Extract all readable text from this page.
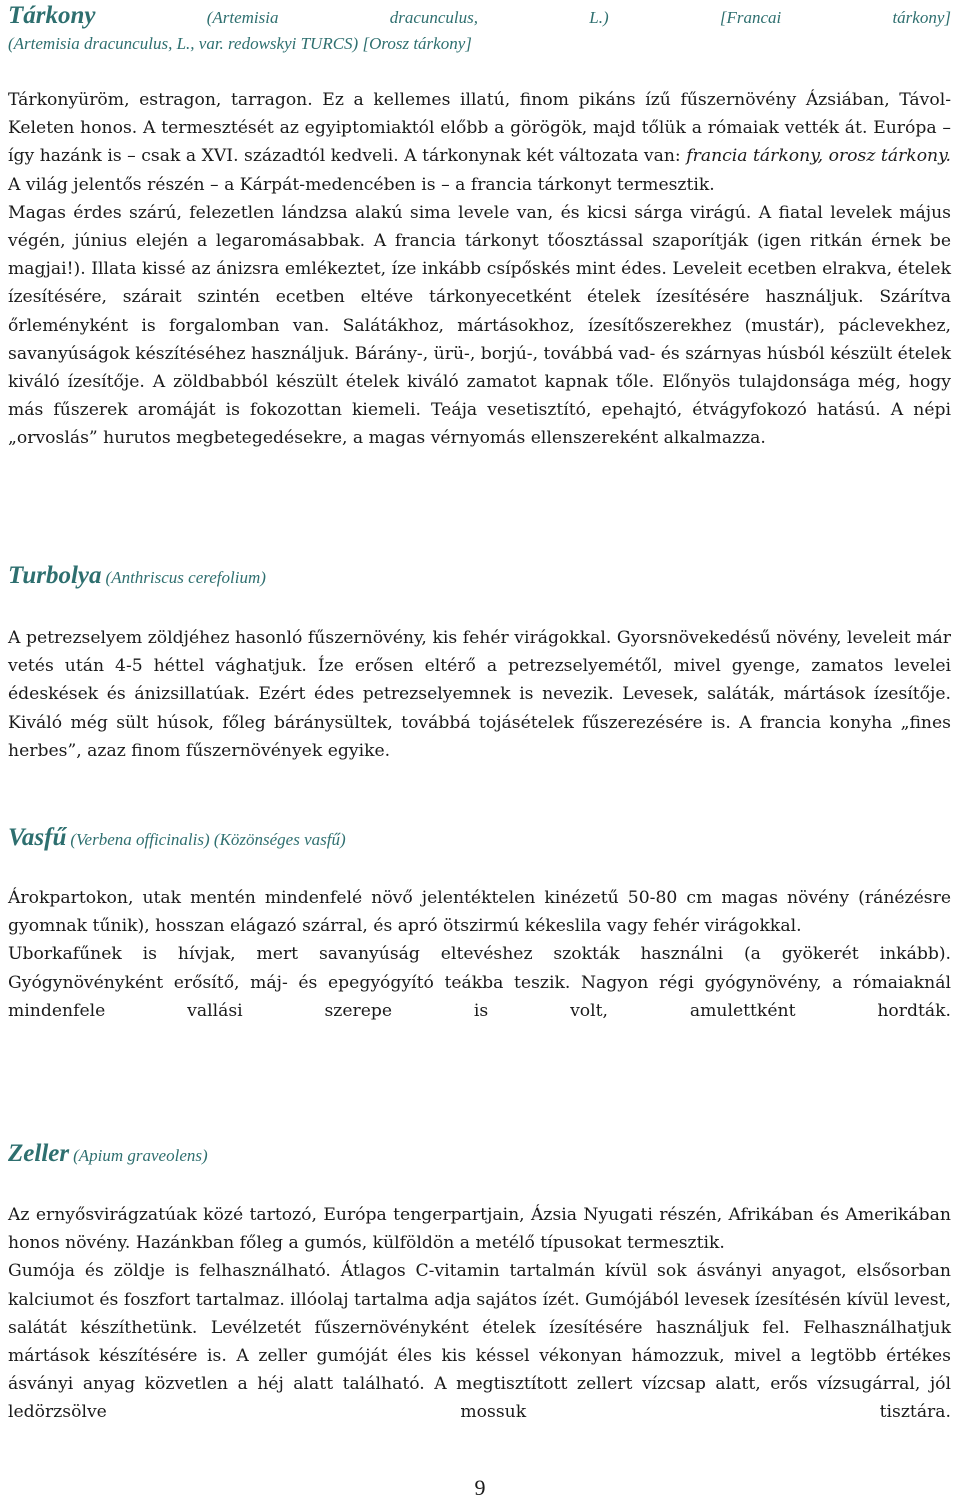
Tárkony	(Artemisia	dracunculus,	L.)	[Francai	tárkony]
(Artemisia dracunculus, L., var. redowskyi TURCS) [Orosz tárkony]

Tárkonyüröm, estragon, tarragon. Ez a kellemes illatú, finom pikáns ízű fűszernövény Ázsiában, Távol-Keleten honos. A termesztését az egyiptomiaktól előbb a görögök, majd tőlük a rómaiak vették át. Európa – így hazánk is – csak a XVI. századtól kedveli. A tárkonynak két változata van: francia tárkony, orosz tárkony. A világ jelentős részén – a Kárpát-medencében is – a francia tárkonyt termesztik.

Magas érdes szárú, felezetlen lándzsa alakú sima levele van, és kicsi sárga virágú. A fiatal levelek május végén, június elején a legaromásabbak. A francia tárkonyt tőosztással szaporítják (igen ritkán érnek be magjai!). Illata kissé az ánizsra emlékeztet, íze inkább csípőskés mint édes. Leveleit ecetben elrakva, ételek ízesítésére, szárait szintén ecetben eltéve tárkonyecetként ételek ízesítésére használjuk. Szárítva őrleményként is forgalomban van. Salátákhoz, mártásokhoz, ízesítőszerekhez (mustár), páclevekhez, savanyúságok készítéséhez használjuk. Bárány-, ürü-, borjú-, továbbá vad- és szárnyas húsból készült ételek kiváló ízesítője. A zöldbabból készült ételek kiváló zamatot kapnak tőle. Előnyös tulajdonsága még, hogy más fűszerek aromáját is fokozottan kiemeli. Teája vesetisztító, epehajtó, étvágyfokozó hatású. A népi „orvoslás” hurutos megbetegedésekre, a magas vérnyomás ellenszereként alkalmazza.

Turbolya (Anthriscus cerefolium)

A petrezselyem zöldjéhez hasonló fűszernövény, kis fehér virágokkal. Gyorsnövekedésű növény, leveleit már vetés után 4-5 héttel vághatjuk. Íze erősen eltérő a petrezselyemétől, mivel gyenge, zamatos levelei édeskések és ánizsillatúak. Ezért édes petrezselyemnek is nevezik. Levesek, saláták, mártások ízesítője. Kiváló még sült húsok, főleg báránysültek, továbbá tojásételek fűszerezésére is. A francia konyha „fines herbes”, azaz finom fűszernövények egyike.

Vasfű (Verbena officinalis) (Közönséges vasfű)

Árokpartokon, utak mentén mindenfelé növő jelentéktelen kinézetű 50-80 cm magas növény (ránézésre gyomnak tűnik), hosszan elágazó szárral, és apró ötszirmú kékeslila vagy fehér virágokkal.

Uborkafűnek is hívjak, mert savanyúság eltevéshez szokták használni (a gyökerét inkább). Gyógynövényként erősítő, máj- és epegyógyító teákba teszik. Nagyon régi gyógynövény, a rómaiaknál mindenfele vallási szerepe is volt, amulettként hordták.

Zeller (Apium graveolens)

Az ernyősvirágzatúak közé tartozó, Európa tengerpartjain, Ázsia Nyugati részén, Afrikában és Amerikában honos növény. Hazánkban főleg a gumós, külföldön a metélő típusokat termesztik.

Gumója és zöldje is felhasználható. Átlagos C-vitamin tartalmán kívül sok ásványi anyagot, elsősorban kalciumot és foszfort tartalmaz. illóolaj tartalma adja sajátos ízét. Gumójából levesek ízesítésén kívül levest, salátát készíthetünk. Levélzetét fűszernövényként ételek ízesítésére használjuk fel. Felhasználhatjuk mártások készítésére is. A zeller gumóját éles kis késsel vékonyan hámozzuk, mivel a legtöbb értékes ásványi anyag közvetlen a héj alatt található. A megtisztított zellert vízcsap alatt, erős vízsugárral, jól ledörzsölve mossuk tisztára.

9
